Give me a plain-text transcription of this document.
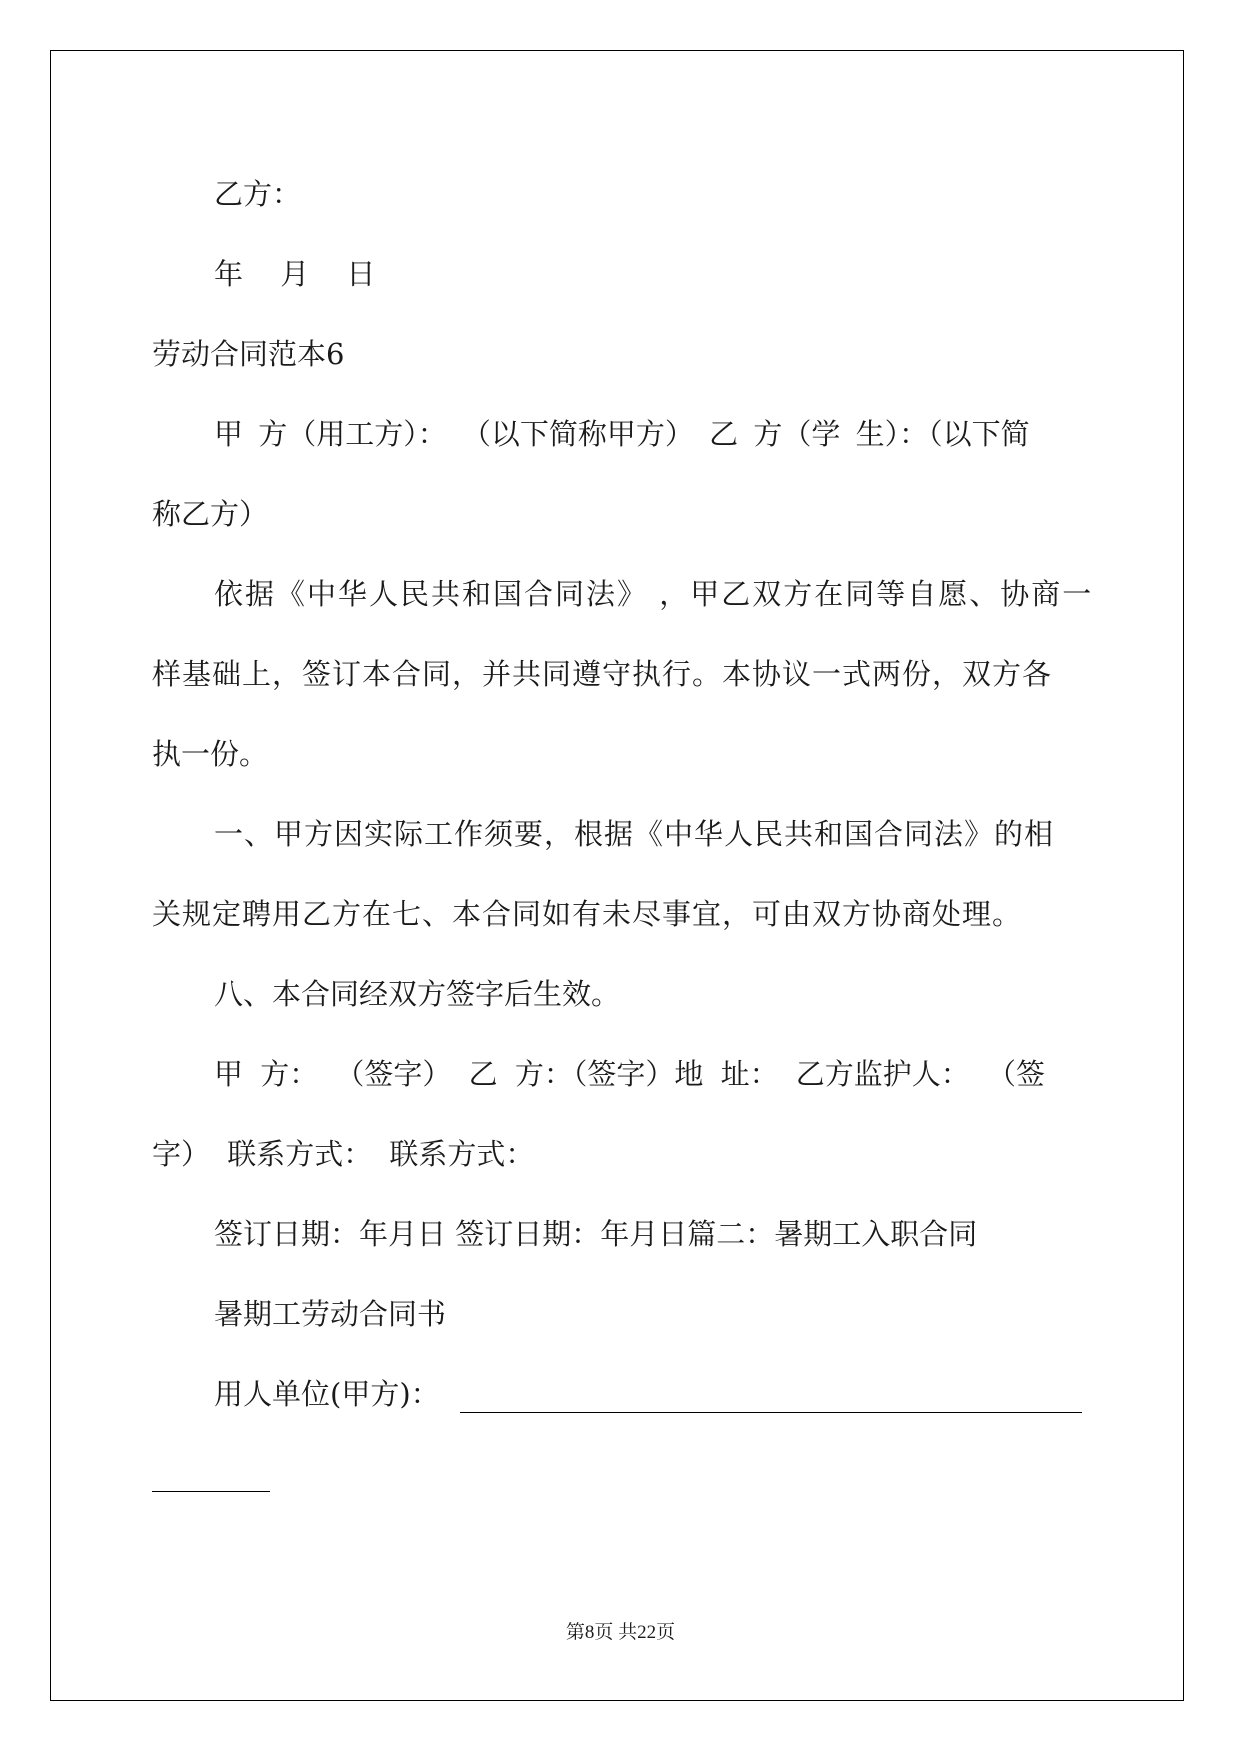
乙方：

年 月 日

劳动合同范本6

甲 方（用工方）： （以下简称甲方） 乙 方（学 生）：（以下简

称乙方）

依据《中华人民共和国合同法》 ，甲乙双方在同等自愿、协商一

样基础上，签订本合同，并共同遵守执行。本协议一式两份，双方各

执一份。

一、甲方因实际工作须要，根据《中华人民共和国合同法》的相

关规定聘用乙方在七、本合同如有未尽事宜，可由双方协商处理。

八、本合同经双方签字后生效。

甲 方： （签字） 乙 方：（签字）地 址： 乙方监护人： （签

字） 联系方式： 联系方式：

签订日期：年月日 签订日期：年月日篇二：暑期工入职合同

暑期工劳动合同书

用人单位(甲方)：

第8页 共22页
